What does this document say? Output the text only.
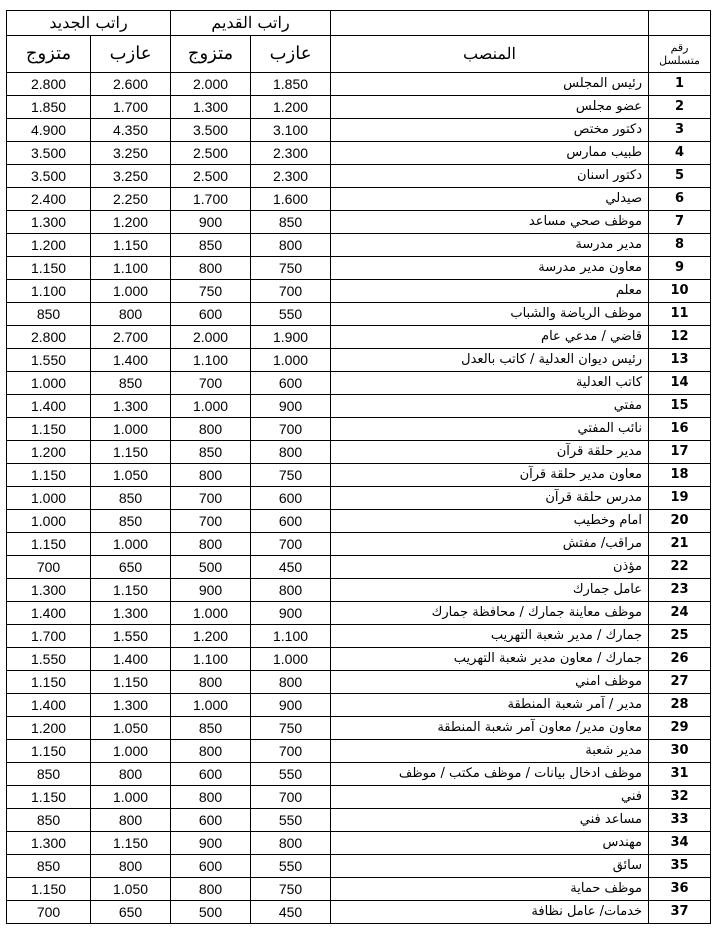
		راتب القديم		راتب الجديد	
رقم متسلسل	المنصب	عازب	متزوج	عازب	متزوج
1	رئيس المجلس	1.850	2.000	2.600	2.800
2	عضو مجلس	1.200	1.300	1.700	1.850
3	دكتور مختص	3.100	3.500	4.350	4.900
4	طبيب ممارس	2.300	2.500	3.250	3.500
5	دكتور اسنان	2.300	2.500	3.250	3.500
6	صيدلي	1.600	1.700	2.250	2.400
7	موظف صحي مساعد	850	900	1.200	1.300
8	مدير مدرسة	800	850	1.150	1.200
9	معاون مدير مدرسة	750	800	1.100	1.150
10	معلم	700	750	1.000	1.100
11	موظف الرياضة والشباب	550	600	800	850
12	قاضي / مدعي عام	1.900	2.000	2.700	2.800
13	رئيس ديوان العدلية / كاتب بالعدل	1.000	1.100	1.400	1.550
14	كاتب العدلية	600	700	850	1.000
15	مفتي	900	1.000	1.300	1.400
16	نائب المفتي	700	800	1.000	1.150
17	مدير حلقة قرآن	800	850	1.150	1.200
18	معاون مدير حلقة قرآن	750	800	1.050	1.150
19	مدرس حلقة قرآن	600	700	850	1.000
20	امام وخطيب	600	700	850	1.000
21	مراقب/ مفتش	700	800	1.000	1.150
22	مؤذن	450	500	650	700
23	عامل جمارك	800	900	1.150	1.300
24	موظف معاينة جمارك / محافظة جمارك	900	1.000	1.300	1.400
25	جمارك / مدير شعبة التهريب	1.100	1.200	1.550	1.700
26	جمارك / معاون مدير شعبة التهريب	1.000	1.100	1.400	1.550
27	موظف امني	800	800	1.150	1.150
28	مدير / آمر شعبة المنطقة	900	1.000	1.300	1.400
29	معاون مدير/ معاون آمر شعبة المنطقة	750	850	1.050	1.200
30	مدير شعبة	700	800	1.000	1.150
31	موظف ادخال بيانات / موظف مكتب / موظف	550	600	800	850
32	فني	700	800	1.000	1.150
33	مساعد فني	550	600	800	850
34	مهندس	800	900	1.150	1.300
35	سائق	550	600	800	850
36	موظف حماية	750	800	1.050	1.150
37	خدمات/ عامل نظافة	450	500	650	700
